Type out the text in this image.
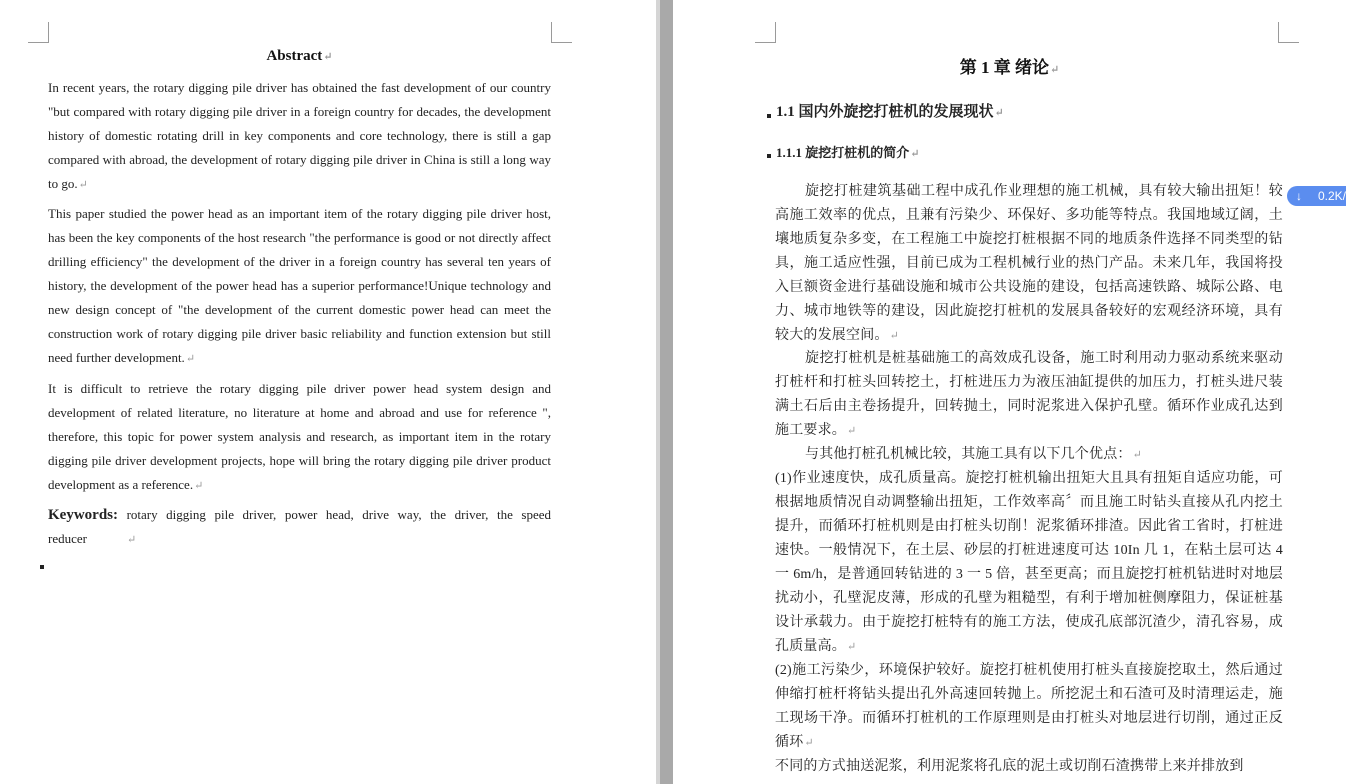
Abstract↵

In recent years, the rotary digging pile driver has obtained the fast development of our country "but compared with rotary digging pile driver in a foreign country for decades, the development history of domestic rotating drill in key components and core technology, there is still a gap compared with abroad, the development of rotary digging pile driver in China is still a long way to go.↵

This paper studied the power head as an important item of the rotary digging pile driver host, has been the key components of the host research "the performance is good or not directly affect drilling efficiency" the development of the driver in a foreign country has several ten years of history, the development of the power head has a superior performance!Unique technology and new design concept of "the development of the current domestic power head can meet the construction work of rotary digging pile driver basic reliability and function extension but still need further development.↵

It is difficult to retrieve the rotary digging pile driver power head system design and development of related literature, no literature at home and abroad and use for reference ", therefore, this topic for power system analysis and research, as important item in the rotary digging pile driver development projects, hope will bring the rotary digging pile driver product development as a reference.↵

Keywords: rotary digging pile driver, power head, drive way, the driver, the speed reducer	↵

第 1 章 绪论↵
1.1 国内外旋挖打桩机的发展现状↵
1.1.1 旋挖打桩机的简介↵

旋挖打桩建筑基础工程中成孔作业理想的施工机械，具有较大输出扭矩！较高施工效率的优点，且兼有污染少、环保好、多功能等特点。我国地域辽阔，土壤地质复杂多变，在工程施工中旋挖打桩根据不同的地质条件选择不同类型的钻具，施工适应性强，目前已成为工程机械行业的热门产品。未来几年，我国将投入巨额资金进行基础设施和城市公共设施的建设，包括高速铁路、城际公路、电力、城市地铁等的建设，因此旋挖打桩机的发展具备较好的宏观经济环境，具有较大的发展空间。↵

旋挖打桩机是桩基础施工的高效成孔设备，施工时利用动力驱动系统来驱动打桩杆和打桩头回转挖土，打桩进压力为液压油缸提供的加压力，打桩头进尺装满土石后由主卷扬提升，回转抛土，同时泥浆进入保护孔壁。循环作业成孔达到施工要求。↵

与其他打桩孔机械比较，其施工具有以下几个优点：↵

(1)作业速度快，成孔质量高。旋挖打桩机输出扭矩大且具有扭矩自适应功能，可根据地质情况自动调整输出扭矩，工作效率高〞而且施工时钻头直接从孔内挖土提升，而循环打桩机则是由打桩头切削！泥浆循环排渣。因此省工省时，打桩进速快。一般情况下，在土层、砂层的打桩进速度可达 10In 几 1，在粘土层可达 4 一 6m/h，是普通回转钻进的 3 一 5 倍，甚至更高；而且旋挖打桩机钻进时对地层扰动小，孔壁泥皮薄，形成的孔壁为粗糙型，有利于增加桩侧摩阻力，保证桩基设计承载力。由于旋挖打桩特有的施工方法，使成孔底部沉渣少，清孔容易，成孔质量高。↵

(2)施工污染少，环境保护较好。旋挖打桩机使用打桩头直接旋挖取土，然后通过伸缩打桩杆将钻头提出孔外高速回转抛上。所挖泥土和石渣可及时清理运走，施工现场干净。而循环打桩机的工作原理则是由打桩头对地层进行切削，通过正反循环↵

不同的方式抽送泥浆，利用泥浆将孔底的泥土或切削石渣携带上来并排放到

↓ 0.2K/
